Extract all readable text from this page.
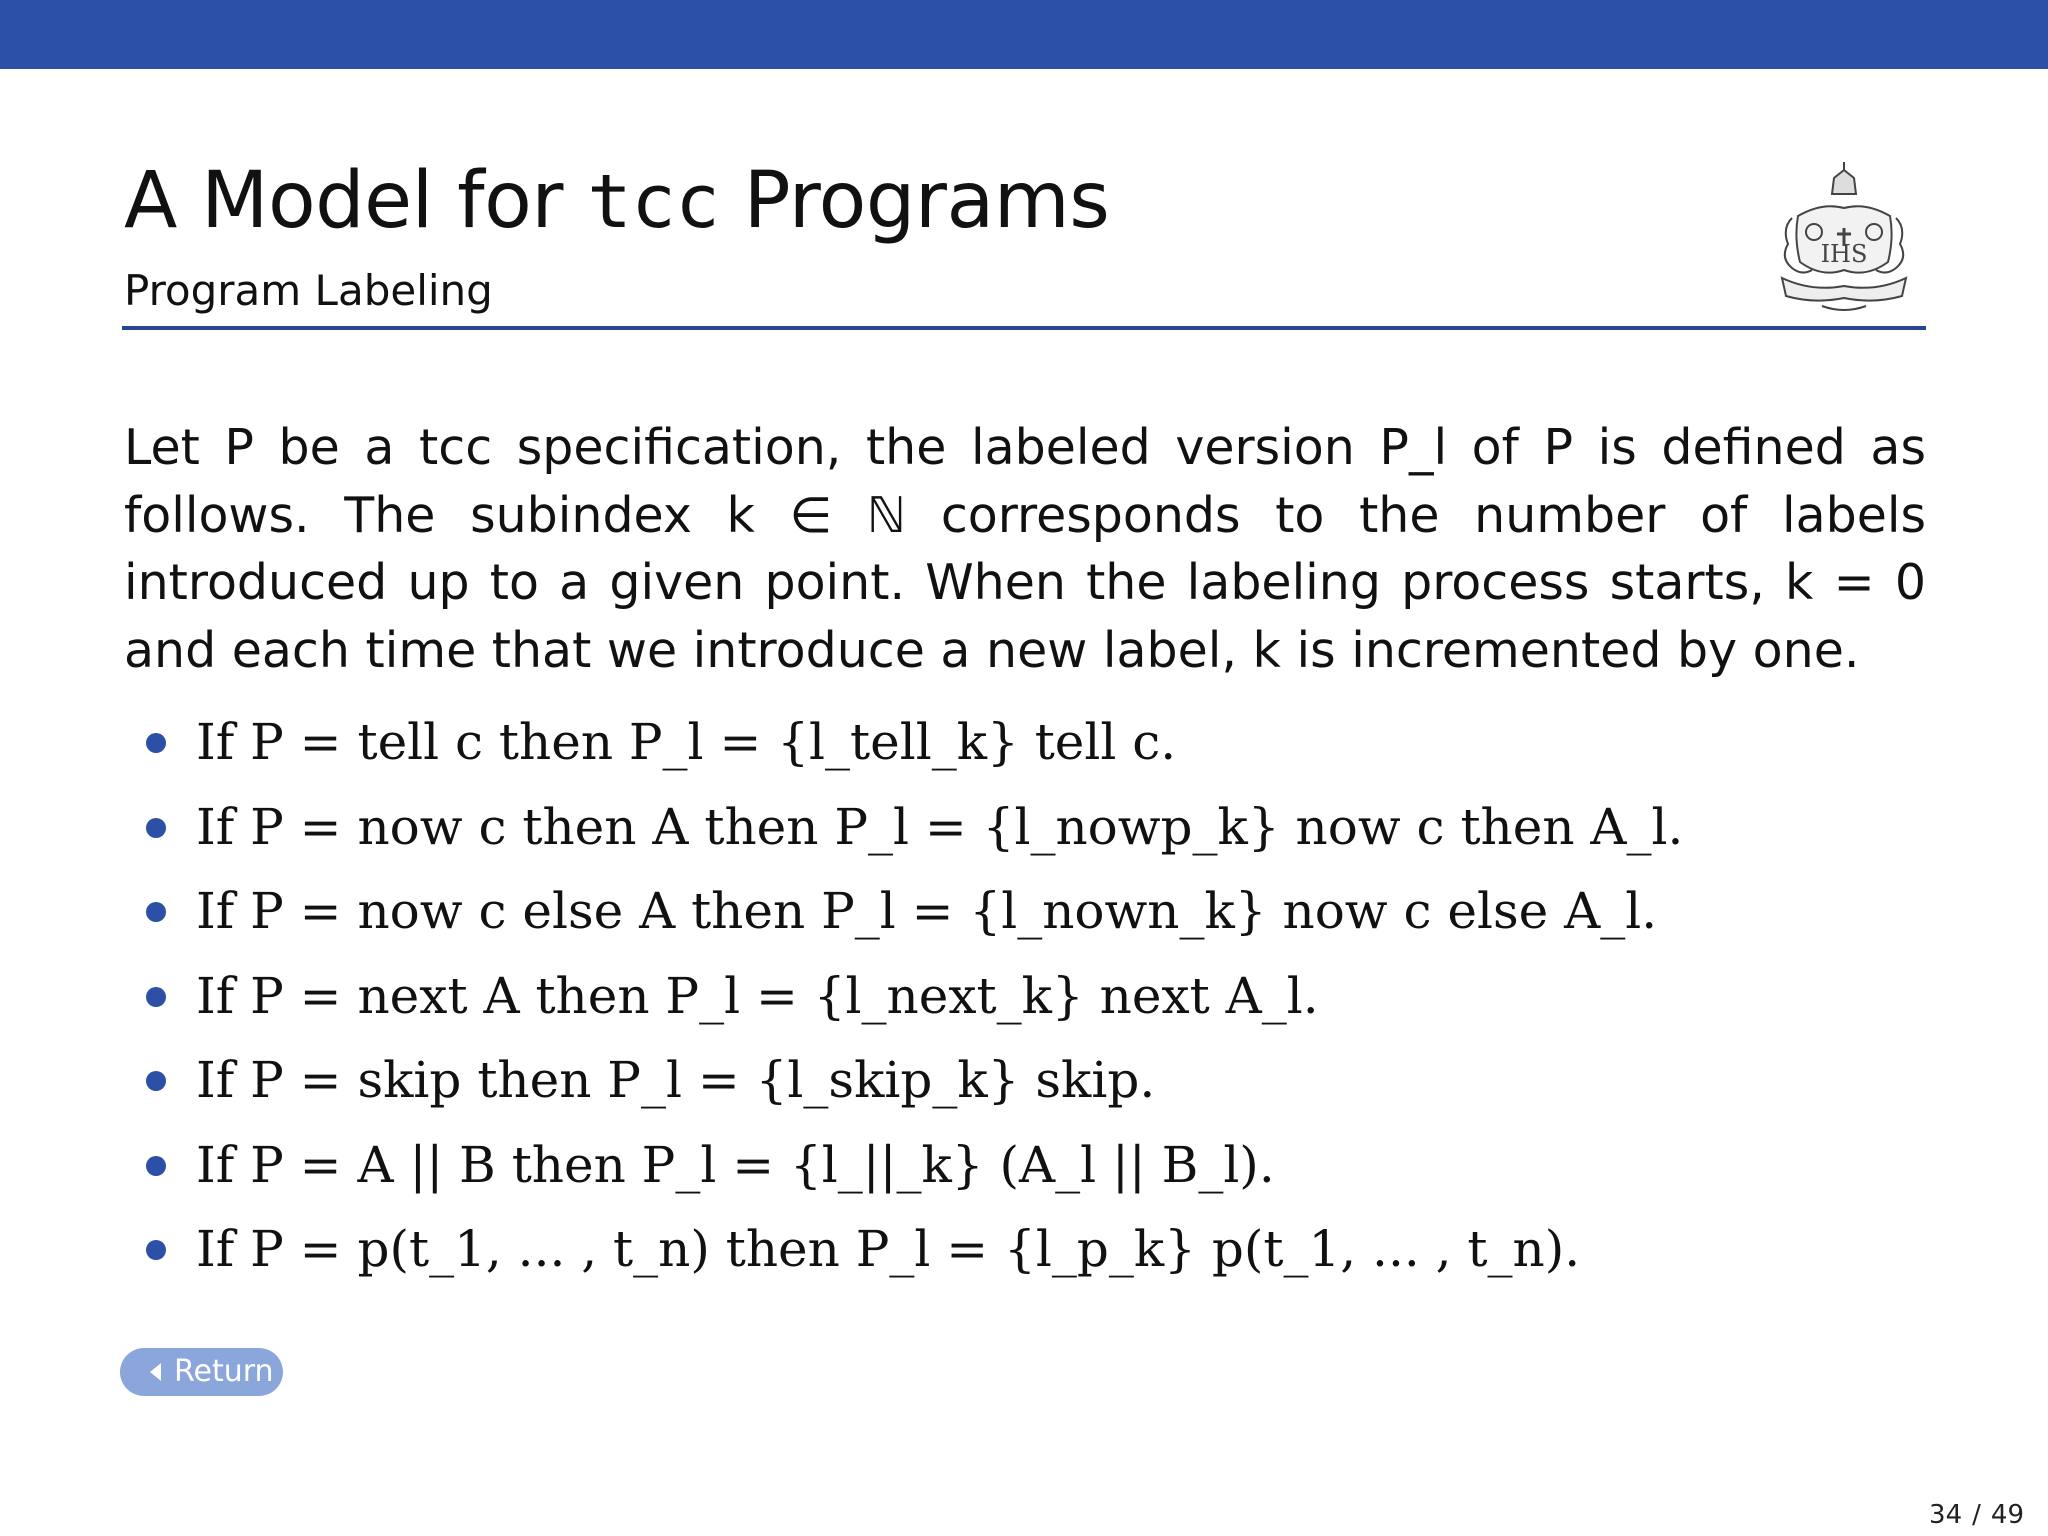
A Model for tcc Programs
Program Labeling
IHS
Let P be a tcc specification, the labeled version P_l of P is defined as follows. The subindex k ∈ ℕ corresponds to the number of labels introduced up to a given point. When the labeling process starts, k = 0 and each time that we introduce a new label, k is incremented by one.
If P = tell c then P_l = {l_tell_k} tell c.
If P = now c then A then P_l = {l_nowp_k} now c then A_l.
If P = now c else A then P_l = {l_nown_k} now c else A_l.
If P = next A then P_l = {l_next_k} next A_l.
If P = skip then P_l = {l_skip_k} skip.
If P = A || B then P_l = {l_||_k} (A_l || B_l).
If P = p(t_1, ... , t_n) then P_l = {l_p_k} p(t_1, ... , t_n).
Return
34 / 49
